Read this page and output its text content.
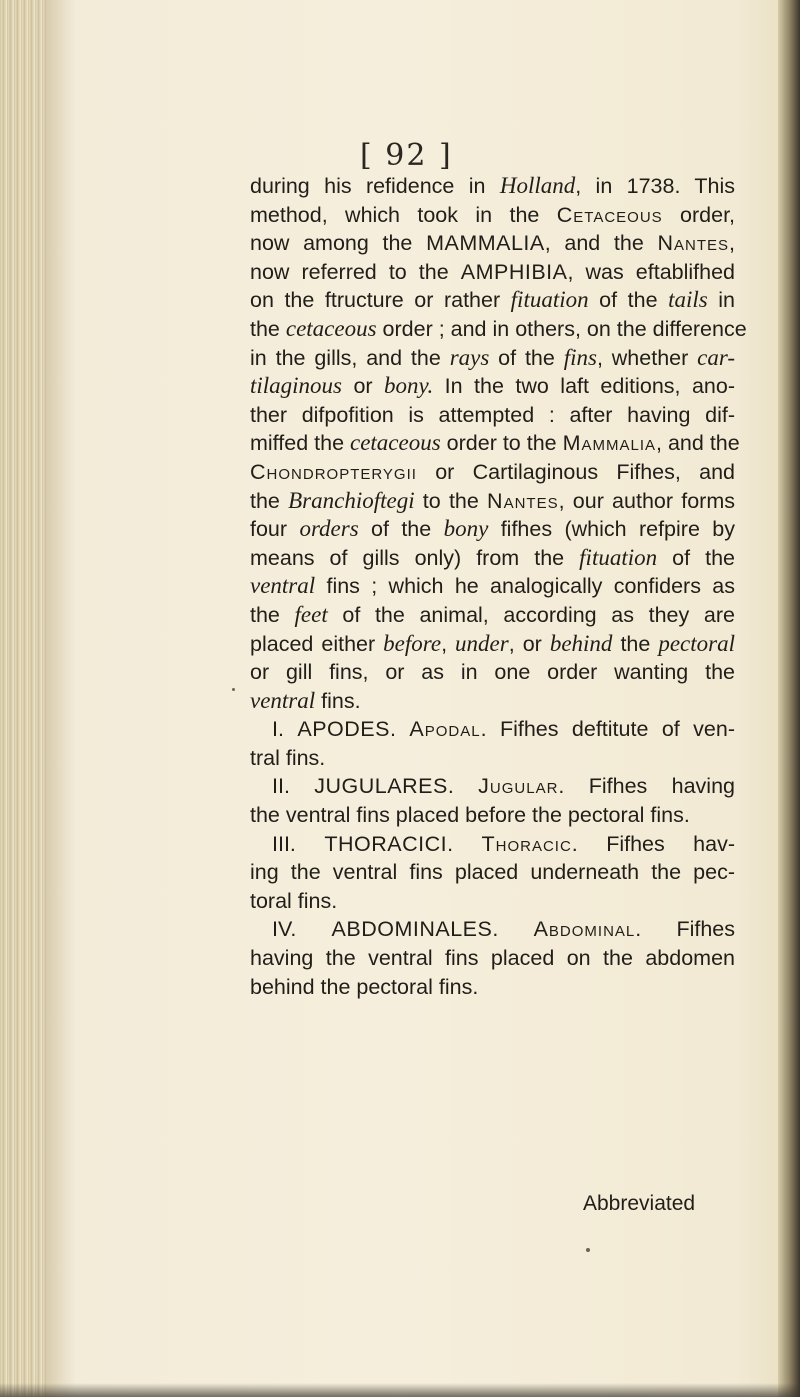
[ 92 ]
during his refidence in Holland, in 1738. This
method, which took in the Cetaceous order,
now among the MAMMALIA, and the Nantes,
now referred to the AMPHIBIA, was eftablifhed
on the ftructure or rather fituation of the tails in
the cetaceous order ; and in others, on the difference
in the gills, and the rays of the fins, whether car-
tilaginous or bony. In the two laft editions, ano-
ther difpofition is attempted : after having dif-
miffed the cetaceous order to the Mammalia, and the
Chondropterygii or Cartilaginous Fifhes, and
the Branchioftegi to the Nantes, our author forms
four orders of the bony fifhes (which refpire by
means of gills only) from the fituation of the
ventral fins ; which he analogically confiders as
the feet of the animal, according as they are
placed either before, under, or behind the pectoral
or gill fins, or as in one order wanting the
ventral fins.
I. APODES. Apodal. Fifhes deftitute of ven-
tral fins.
II. JUGULARES. Jugular. Fifhes having
the ventral fins placed before the pectoral fins.
III. THORACICI. Thoracic. Fifhes hav-
ing the ventral fins placed underneath the pec-
toral fins.
IV. ABDOMINALES. Abdominal. Fifhes
having the ventral fins placed on the abdomen
behind the pectoral fins.
Abbreviated
